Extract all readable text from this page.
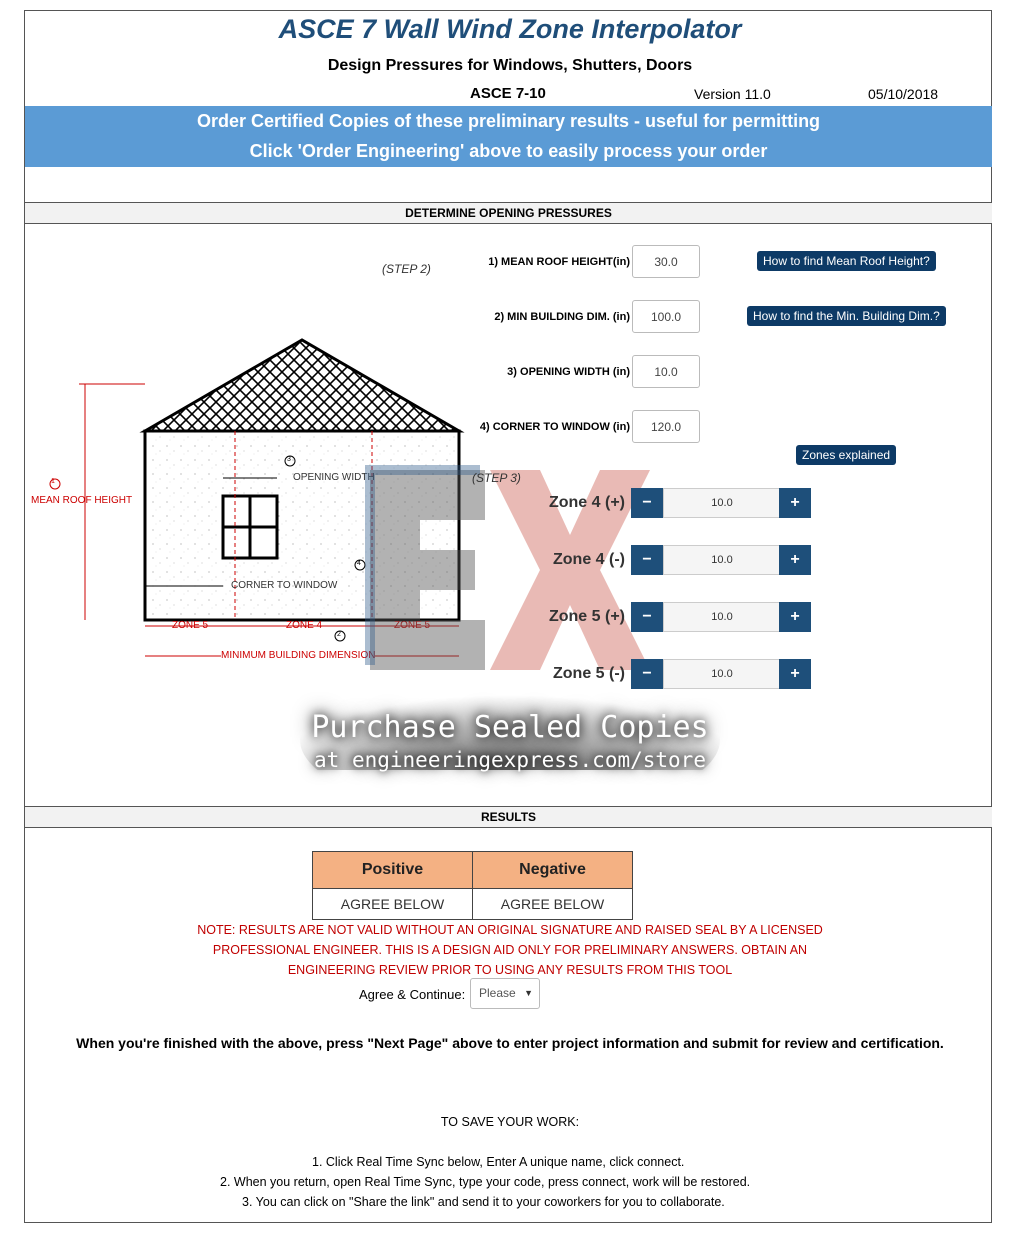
ASCE 7 Wall Wind Zone Interpolator
Design Pressures for Windows, Shutters, Doors
ASCE 7-10	Version 11.0	05/10/2018
Order Certified Copies of these preliminary results - useful for permitting
Click 'Order Engineering' above to easily process your order
DETERMINE OPENING PRESSURES
(STEP 2)	1) MEAN ROOF HEIGHT(in)
30.0
2) MIN BUILDING DIM. (in)
100.0
3) OPENING WIDTH (in)
10.0
4) CORNER TO WINDOW (in)
120.0
How to find Mean Roof Height?
How to find the Min. Building Dim.?
Zones explained
1
3
4
2
MEAN ROOF HEIGHT
OPENING WIDTH
CORNER TO WINDOW
ZONE 5	ZONE 4	ZONE 5
MINIMUM BUILDING DIMENSION
(STEP 3)
Zone 4 (+)	−	10.0	+
Zone 4 (-)	−	10.0	+
Zone 5 (+)	−	10.0	+
Zone 5 (-)	−	10.0	+
Purchase Sealed Copies
at engineeringexpress.com/store
RESULTS
Positive	Negative
AGREE BELOW	AGREE BELOW
NOTE: RESULTS ARE NOT VALID WITHOUT AN ORIGINAL SIGNATURE AND RAISED SEAL BY A LICENSED
PROFESSIONAL ENGINEER. THIS IS A DESIGN AID ONLY FOR PRELIMINARY ANSWERS. OBTAIN AN
ENGINEERING REVIEW PRIOR TO USING ANY RESULTS FROM THIS TOOL
Agree & Continue:	Please ▼
When you're finished with the above, press "Next Page" above to enter project information and submit for review and certification.
TO SAVE YOUR WORK:
1. Click Real Time Sync below, Enter A unique name, click connect.
2. When you return, open Real Time Sync, type your code, press connect, work will be restored.
3. You can click on "Share the link" and send it to your coworkers for you to collaborate.
